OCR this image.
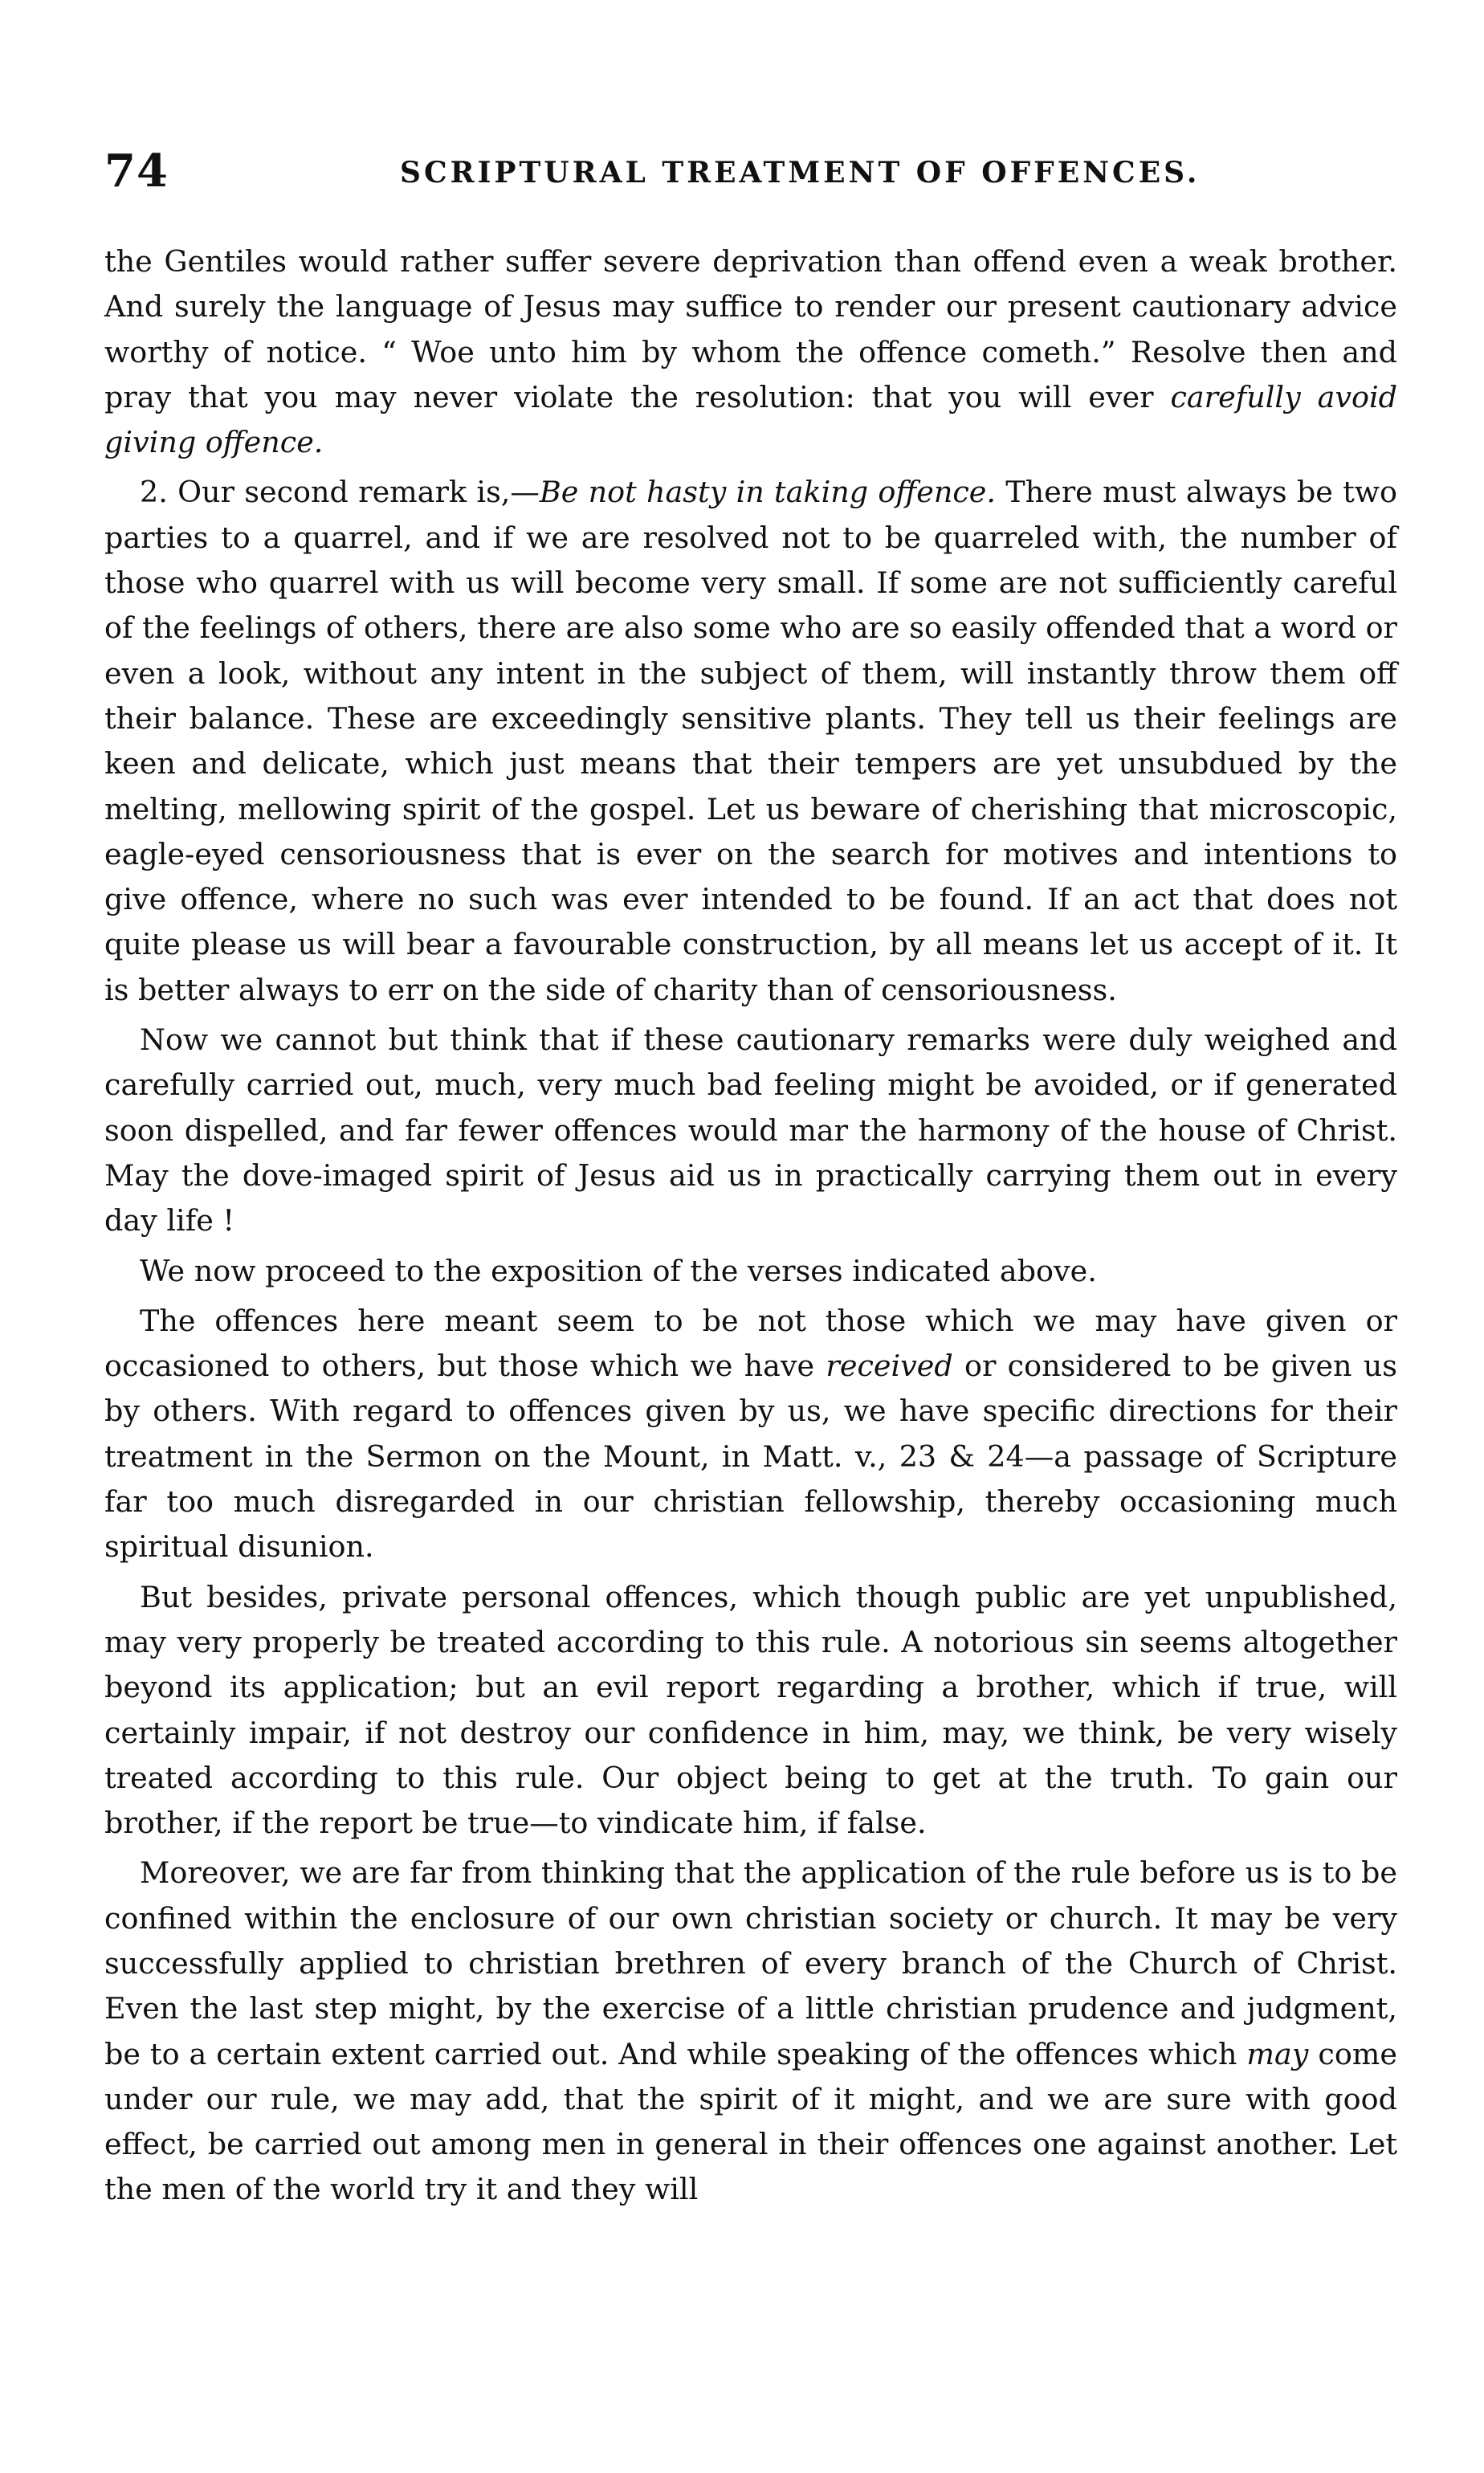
74	SCRIPTURAL TREATMENT OF OFFENCES.

the Gentiles would rather suffer severe deprivation than offend even a weak brother. And surely the language of Jesus may suffice to render our present cautionary advice worthy of notice. “ Woe unto him by whom the offence cometh.” Resolve then and pray that you may never violate the resolution: that you will ever carefully avoid giving offence.

2. Our second remark is,—Be not hasty in taking offence. There must always be two parties to a quarrel, and if we are resolved not to be quarreled with, the number of those who quarrel with us will become very small. If some are not sufficiently careful of the feelings of others, there are also some who are so easily offended that a word or even a look, without any intent in the subject of them, will instantly throw them off their balance. These are exceedingly sensitive plants. They tell us their feelings are keen and delicate, which just means that their tempers are yet unsubdued by the melting, mellowing spirit of the gospel. Let us beware of cherishing that microscopic, eagle-eyed censoriousness that is ever on the search for motives and intentions to give offence, where no such was ever intended to be found. If an act that does not quite please us will bear a favourable construction, by all means let us accept of it. It is better always to err on the side of charity than of censoriousness.

Now we cannot but think that if these cautionary remarks were duly weighed and carefully carried out, much, very much bad feeling might be avoided, or if generated soon dispelled, and far fewer offences would mar the harmony of the house of Christ. May the dove-imaged spirit of Jesus aid us in practically carrying them out in every day life !

We now proceed to the exposition of the verses indicated above.

The offences here meant seem to be not those which we may have given or occasioned to others, but those which we have received or considered to be given us by others. With regard to offences given by us, we have specific directions for their treatment in the Sermon on the Mount, in Matt. v., 23 & 24—a passage of Scripture far too much disregarded in our christian fellowship, thereby occasioning much spiritual disunion.

But besides, private personal offences, which though public are yet unpublished, may very properly be treated according to this rule. A notorious sin seems altogether beyond its application; but an evil report regarding a brother, which if true, will certainly impair, if not destroy our confidence in him, may, we think, be very wisely treated according to this rule. Our object being to get at the truth. To gain our brother, if the report be true—to vindicate him, if false.

Moreover, we are far from thinking that the application of the rule before us is to be confined within the enclosure of our own christian society or church. It may be very successfully applied to christian brethren of every branch of the Church of Christ. Even the last step might, by the exercise of a little christian prudence and judgment, be to a certain extent carried out. And while speaking of the offences which may come under our rule, we may add, that the spirit of it might, and we are sure with good effect, be carried out among men in general in their offences one against another. Let the men of the world try it and they will
